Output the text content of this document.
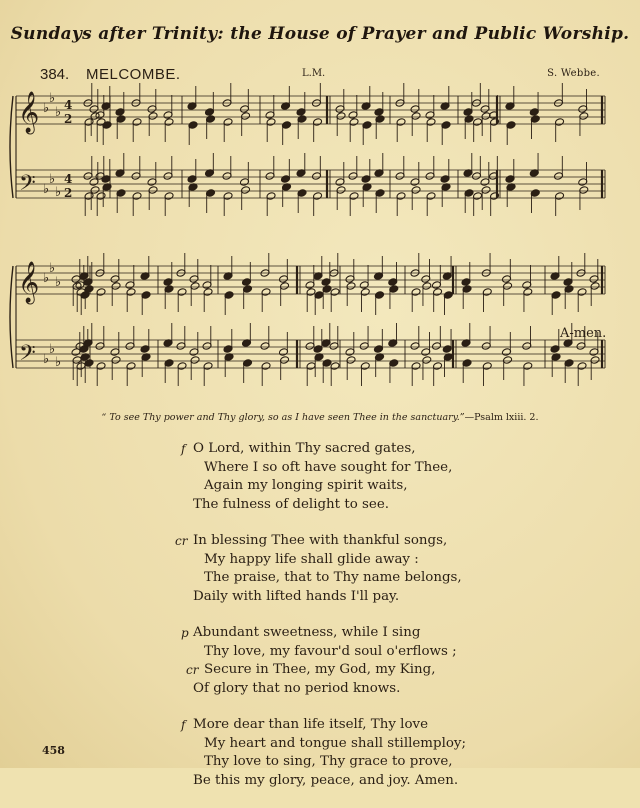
Sundays after Trinity: the House of Prayer and Public Worship.
384. MELCOMBE.	L.M.	S. Webbe.
𝄞
𝄢
♭
♭
♭
♭
♭
♭
4
2
4
2
𝄞
𝄢
♭
♭
♭
♭
♭
♭
A-men.
“ To see Thy power and Thy glory, so as I have seen Thee in the sanctuary.”—Psalm lxiii. 2.
f O Lord, within Thy sacred gates,
Where I so oft have sought for Thee,
Again my longing spirit waits,
The fulness of delight to see.
cr In blessing Thee with thankful songs,
My happy life shall glide away :
The praise, that to Thy name belongs,
Daily with lifted hands I'll pay.
p Abundant sweetness, while I sing
Thy love, my favour'd soul o'erflows ;
cr Secure in Thee, my God, my King,
Of glory that no period knows.
f More dear than life itself, Thy love
My heart and tongue shall stillemploy;
Thy love to sing, Thy grace to prove,
Be this my glory, peace, and joy. Amen.
458
